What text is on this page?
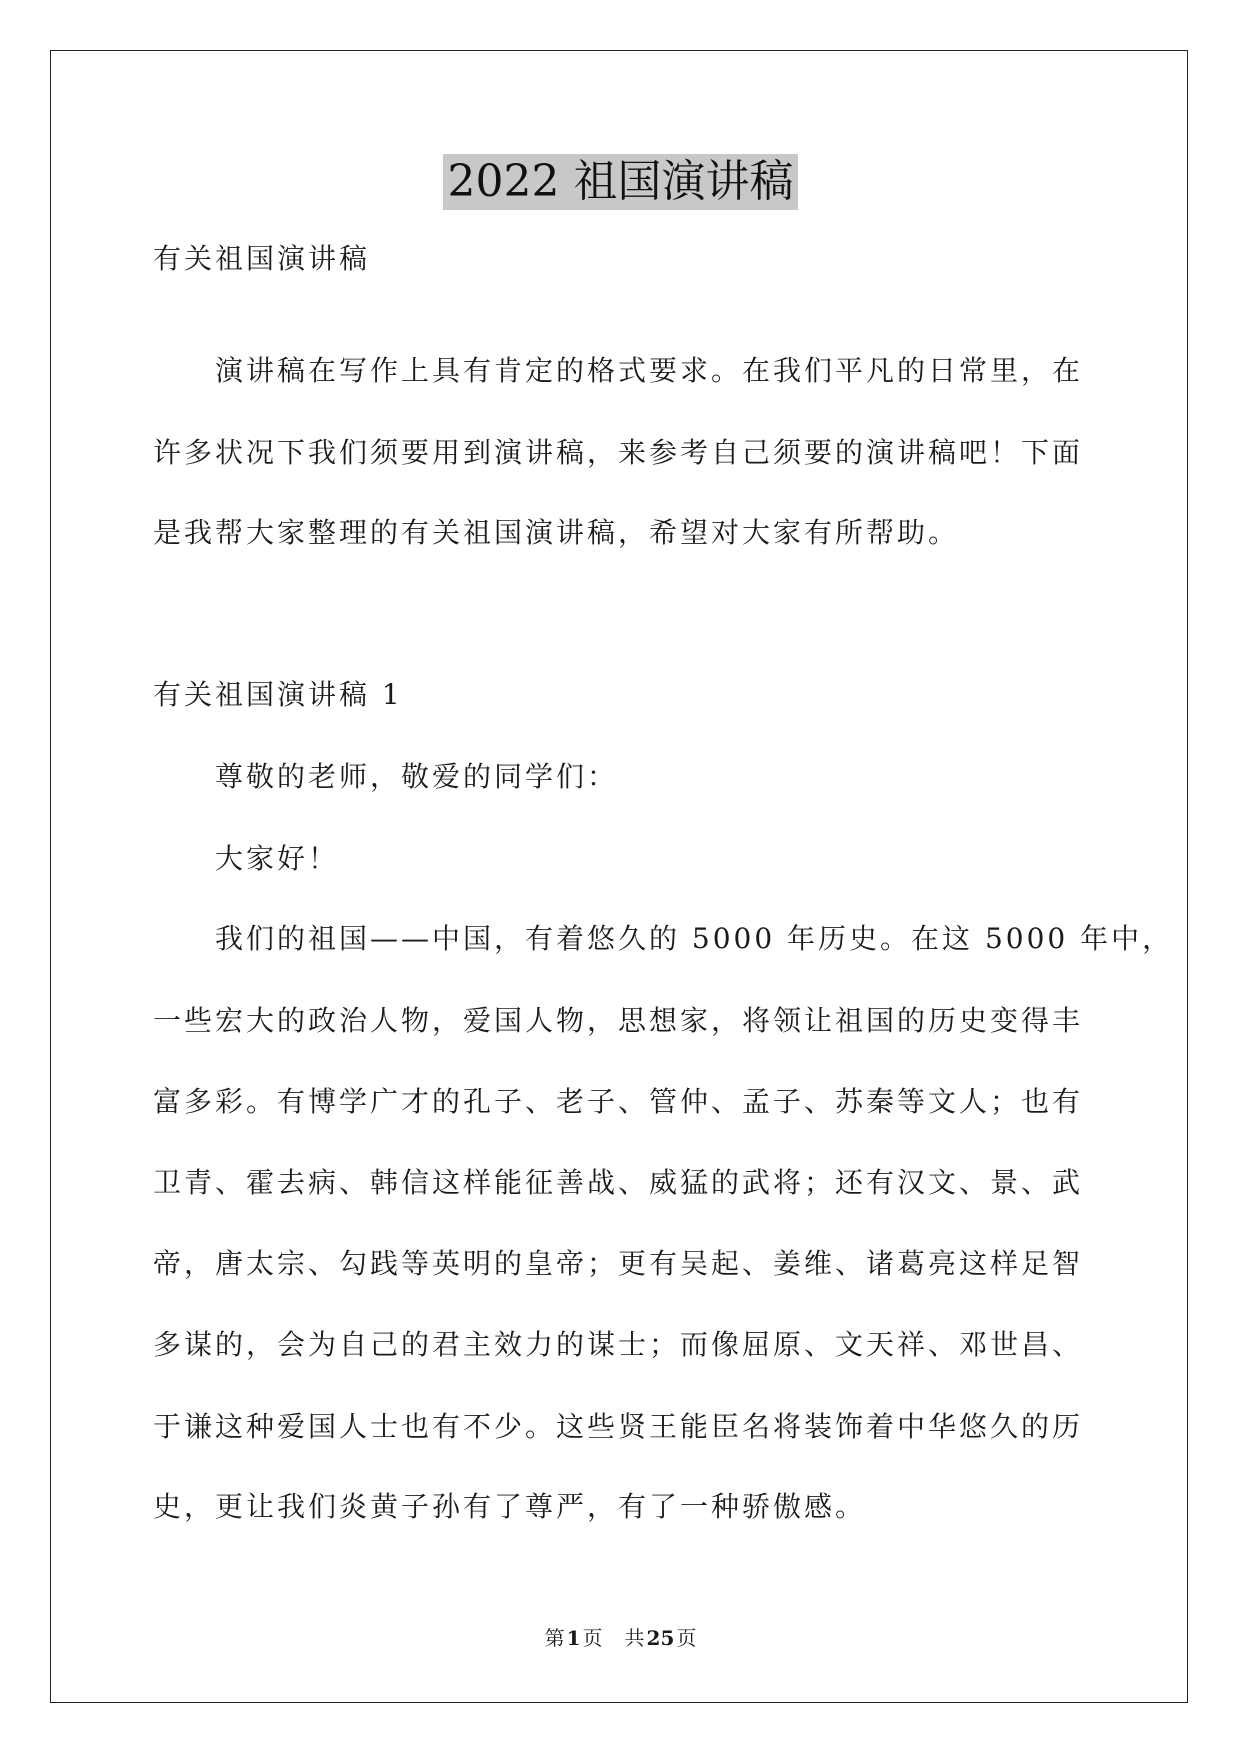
2022 祖国演讲稿
有关祖国演讲稿
演讲稿在写作上具有肯定的格式要求。在我们平凡的日常里，在
许多状况下我们须要用到演讲稿，来参考自己须要的演讲稿吧！下面
是我帮大家整理的有关祖国演讲稿，希望对大家有所帮助。
有关祖国演讲稿 1
尊敬的老师，敬爱的同学们：
大家好！
我们的祖国——中国，有着悠久的 5000 年历史。在这 5000 年中，
一些宏大的政治人物，爱国人物，思想家，将领让祖国的历史变得丰
富多彩。有博学广才的孔子、老子、管仲、孟子、苏秦等文人；也有
卫青、霍去病、韩信这样能征善战、威猛的武将；还有汉文、景、武
帝，唐太宗、勾践等英明的皇帝；更有吴起、姜维、诸葛亮这样足智
多谋的，会为自己的君主效力的谋士；而像屈原、文天祥、邓世昌、
于谦这种爱国人士也有不少。这些贤王能臣名将装饰着中华悠久的历
史，更让我们炎黄子孙有了尊严，有了一种骄傲感。
第 1 页 共 25 页
